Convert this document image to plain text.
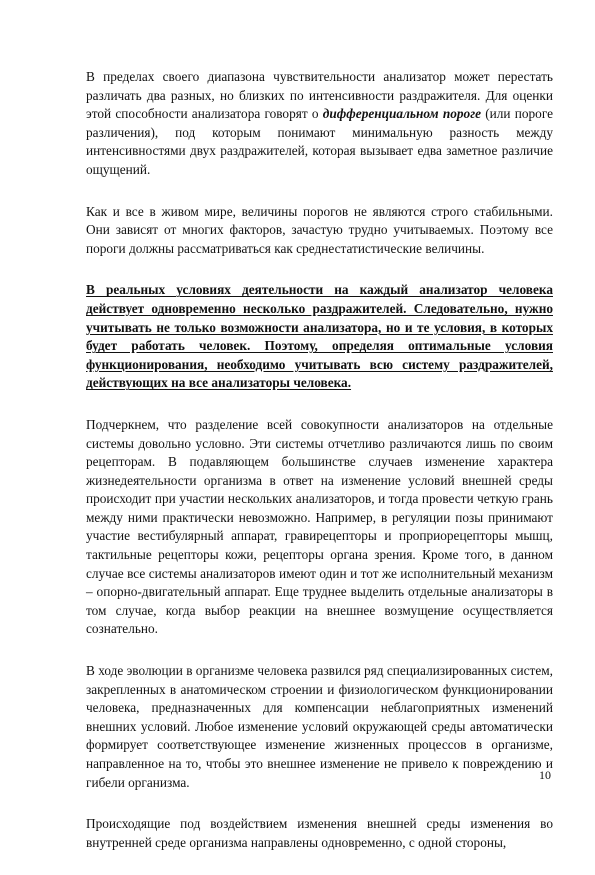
В пределах своего диапазона чувствительности анализатор может перестать различать два разных, но близких по интенсивности раздражителя. Для оценки этой способности анализатора говорят о дифференциальном пороге (или пороге различения), под которым понимают минимальную разность между интенсивностями двух раздражителей, которая вызывает едва заметное различие ощущений.

Как и все в живом мире, величины порогов не являются строго стабильными. Они зависят от многих факторов, зачастую трудно учитываемых. Поэтому все пороги должны рассматриваться как среднестатистические величины.

В реальных условиях деятельности на каждый анализатор человека действует одновременно несколько раздражителей. Следовательно, нужно учитывать не только возможности анализатора, но и те условия, в которых будет работать человек. Поэтому, определяя оптимальные условия функционирования, необходимо учитывать всю систему раздражителей, действующих на все анализаторы человека.

Подчеркнем, что разделение всей совокупности анализаторов на отдельные системы довольно условно. Эти системы отчетливо различаются лишь по своим рецепторам. В подавляющем большинстве случаев изменение характера жизнедеятельности организма в ответ на изменение условий внешней среды происходит при участии нескольких анализаторов, и тогда провести четкую грань между ними практически невозможно. Например, в регуляции позы принимают участие вестибулярный аппарат, гравирецепторы и проприорецепторы мышц, тактильные рецепторы кожи, рецепторы органа зрения. Кроме того, в данном случае все системы анализаторов имеют один и тот же исполнительный механизм – опорно-двигательный аппарат. Еще труднее выделить отдельные анализаторы в том случае, когда выбор реакции на внешнее возмущение осуществляется сознательно.

В ходе эволюции в организме человека развился ряд специализированных систем, закрепленных в анатомическом строении и физиологическом функционировании человека, предназначенных для компенсации неблагоприятных изменений внешних условий. Любое изменение условий окружающей среды автоматически формирует соответствующее изменение жизненных процессов в организме, направленное на то, чтобы это внешнее изменение не привело к повреждению и гибели организма.

Происходящие под воздействием изменения внешней среды изменения во внутренней среде организма направлены одновременно, с одной стороны,

10
